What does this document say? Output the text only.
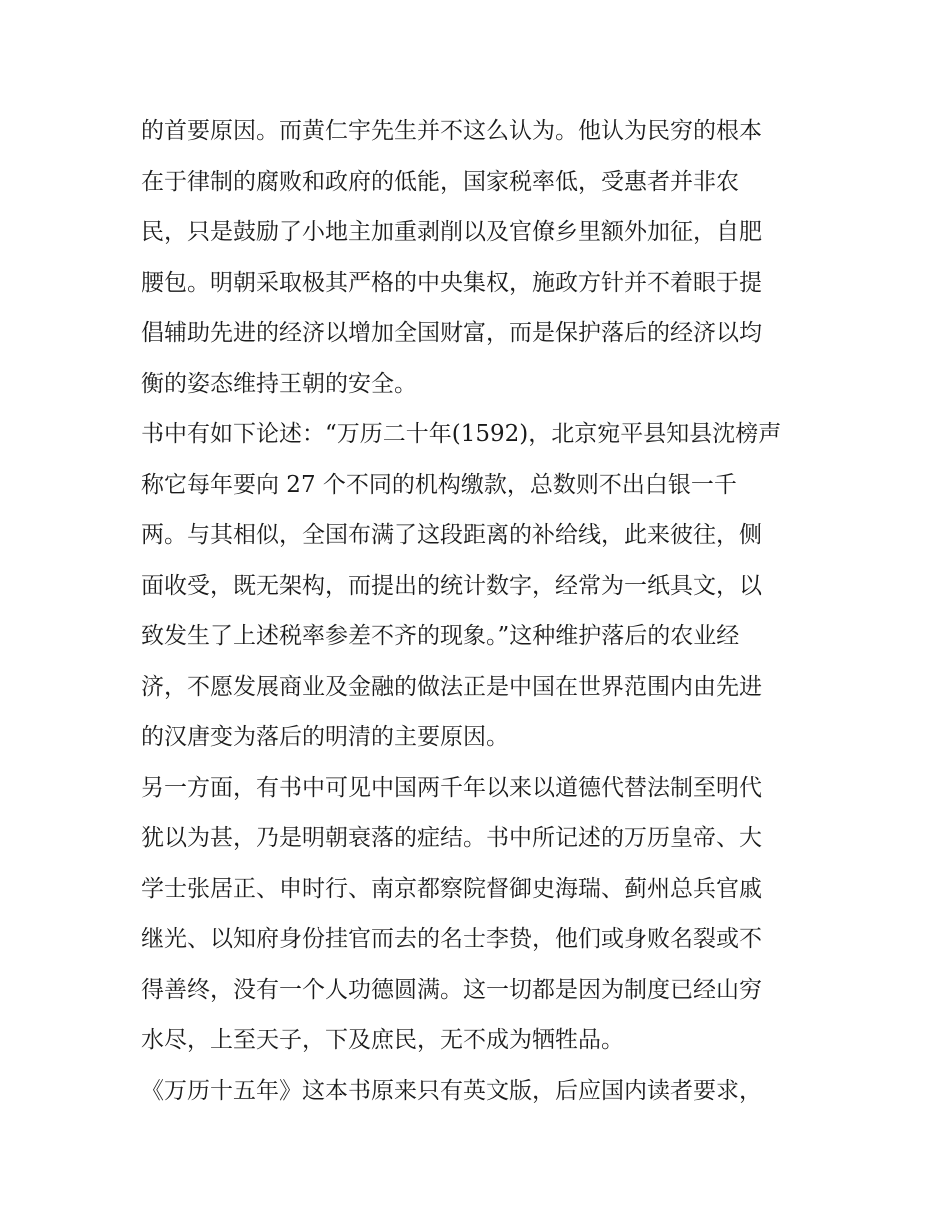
的首要原因。而黄仁宇先生并不这么认为。他认为民穷的根本
在于律制的腐败和政府的低能，国家税率低，受惠者并非农
民，只是鼓励了小地主加重剥削以及官僚乡里额外加征，自肥
腰包。明朝采取极其严格的中央集权，施政方针并不着眼于提
倡辅助先进的经济以增加全国财富，而是保护落后的经济以均
衡的姿态维持王朝的安全。
书中有如下论述：“万历二十年(1592)，北京宛平县知县沈榜声
称它每年要向 27 个不同的机构缴款，总数则不出白银一千
两。与其相似，全国布满了这段距离的补给线，此来彼往，侧
面收受，既无架构，而提出的统计数字，经常为一纸具文，以
致发生了上述税率参差不齐的现象。”这种维护落后的农业经
济，不愿发展商业及金融的做法正是中国在世界范围内由先进
的汉唐变为落后的明清的主要原因。
另一方面，有书中可见中国两千年以来以道德代替法制至明代
犹以为甚，乃是明朝衰落的症结。书中所记述的万历皇帝、大
学士张居正、申时行、南京都察院督御史海瑞、蓟州总兵官戚
继光、以知府身份挂官而去的名士李贽，他们或身败名裂或不
得善终，没有一个人功德圆满。这一切都是因为制度已经山穷
水尽，上至天子，下及庶民，无不成为牺牲品。
《万历十五年》这本书原来只有英文版，后应国内读者要求，
